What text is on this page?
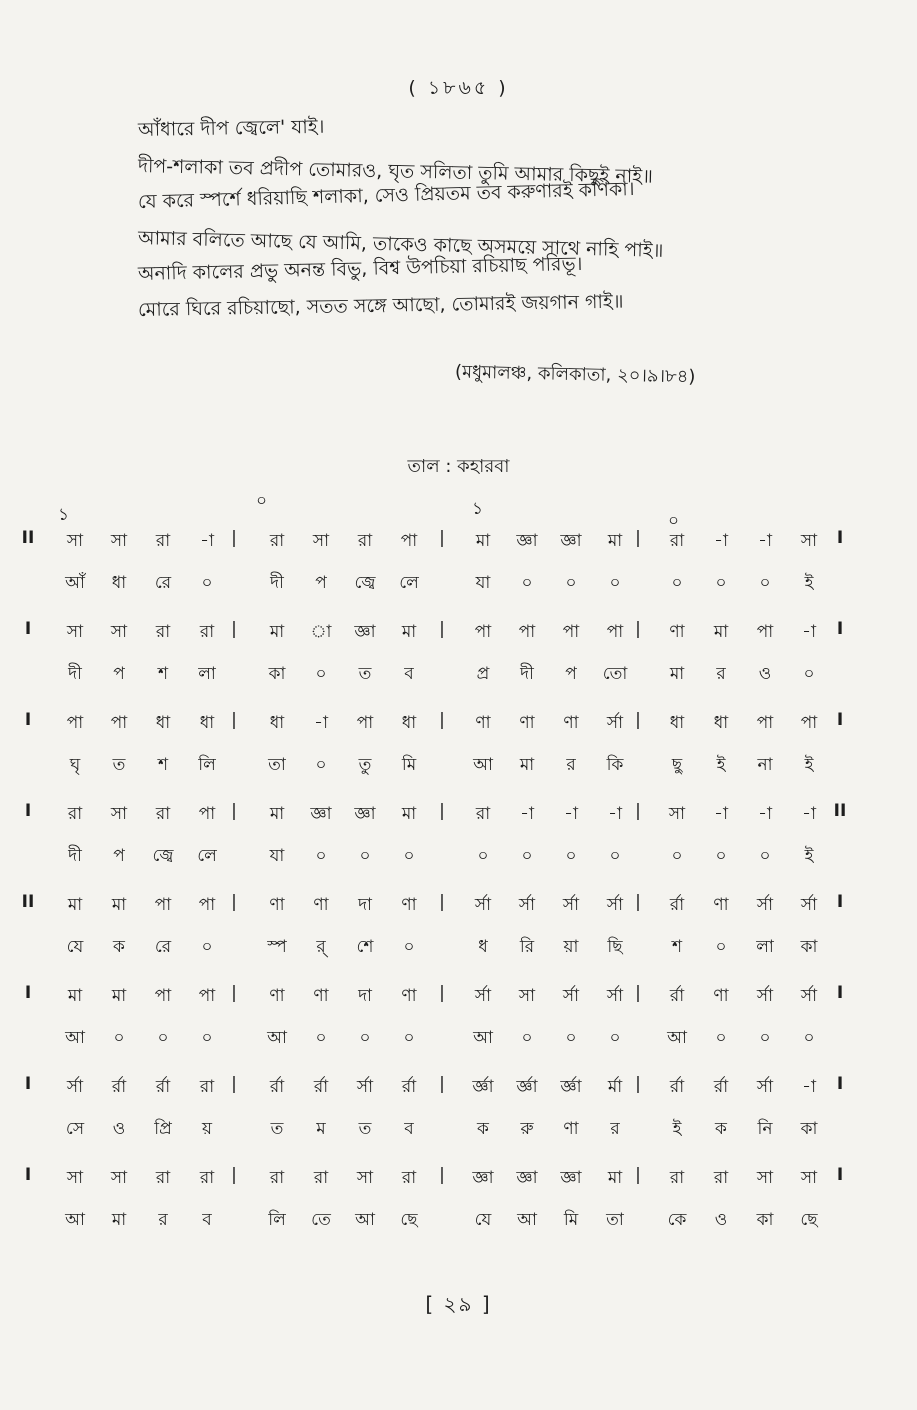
( ১৮৬৫ )
আঁধারে দীপ জ্বেলে' যাই।
দীপ-শলাকা তব প্রদীপ তোমারও, ঘৃত সলিতা তুমি আমার কিছুই নাই॥
যে করে স্পর্শে ধরিয়াছি শলাকা, সেও প্রিয়তম তব করুণারই কণিকা।
আমার বলিতে আছে যে আমি, তাকেও কাছে অসময়ে সাথে নাহি পাই॥
অনাদি কালের প্রভু অনন্ত বিভু, বিশ্ব উপচিয়া রচিয়াছ পরিভূ।
মোরে ঘিরে রচিয়াছো, সতত সঙ্গে আছো, তোমারই জয়গান গাই॥
(মধুমালঞ্চ, কলিকাতা, ২০।৯।৮৪)
তাল : কহারবা
১
০	১
০
II	|	|	|	I
সা	সা	রা	-া	রা	সা	রা	পা	মা	জ্ঞা	জ্ঞা	মা	রা	-া	-া	সা
আঁ	ধা	রে	০	দী	প	জ্বে	লে	যা	০	০	০	০	০	০	ই
I	|	|	|	I
সা	সা	রা	রা	মা	া	জ্ঞা	মা	পা	পা	পা	পা	ণা	মা	পা	-া
দী	প	শ	লা	কা	০	ত	ব	প্র	দী	প	তো	মা	র	ও	০
I	|	|	|	I
পা	পা	ধা	ধা	ধা	-া	পা	ধা	ণা	ণা	ণা	র্সা	ধা	ধা	পা	পা
ঘৃ	ত	শ	লি	তা	০	তু	মি	আ	মা	র	কি	ছু	ই	না	ই
I	|	|	|	II
রা	সা	রা	পা	মা	জ্ঞা	জ্ঞা	মা	রা	-া	-া	-া	সা	-া	-া	-া
দী	প	জ্বে	লে	যা	০	০	০	০	০	০	০	০	০	০	ই
II	|	|	|	I
মা	মা	পা	পা	ণা	ণা	দা	ণা	র্সা	র্সা	র্সা	র্সা	র্রা	ণা	র্সা	র্সা
যে	ক	রে	০	স্প	র্	শে	০	ধ	রি	য়া	ছি	শ	০	লা	কা
I	|	|	|	I
মা	মা	পা	পা	ণা	ণা	দা	ণা	র্সা	সা	র্সা	র্সা	র্রা	ণা	র্সা	র্সা
আ	০	০	০	আ	০	০	০	আ	০	০	০	আ	০	০	০
I	|	|	|	I
র্সা	র্রা	র্রা	রা	র্রা	র্রা	র্সা	র্রা	র্জ্ঞা	র্জ্ঞা	র্জ্ঞা	র্মা	র্রা	র্রা	র্সা	-া
সে	ও	প্রি	য়	ত	ম	ত	ব	ক	রু	ণা	র	ই	ক	নি	কা
I	|	|	|	I
সা	সা	রা	রা	রা	রা	সা	রা	জ্ঞা	জ্ঞা	জ্ঞা	মা	রা	রা	সা	সা
আ	মা	র	ব	লি	তে	আ	ছে	যে	আ	মি	তা	কে	ও	কা	ছে
[ ২৯ ]
